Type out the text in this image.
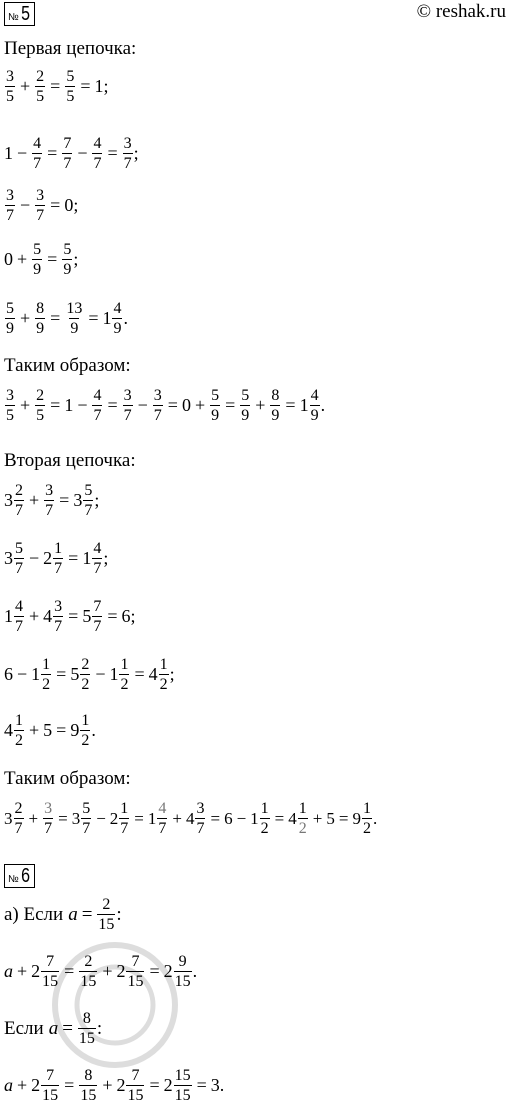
№ 5	© reshak.ru
Первая цепочка:
$\frac{3}{5} + \frac{2}{5} = \frac{5}{5} = 1$;
$1 - \frac{4}{7} = \frac{7}{7} - \frac{4}{7} = \frac{3}{7}$ ;
$\frac{3}{7} - \frac{3}{7} = 0$;
$0 + \frac{5}{9} = \frac{5}{9}$ ;
$\frac{5}{9} + \frac{8}{9} = \frac{13}{9} = 1 \frac{4}{9}$ .
Таким образом:
$\frac{3}{5} + \frac{2}{5} = 1 - \frac{4}{7} = \frac{3}{7} - \frac{3}{7} = 0 + \frac{5}{9} = \frac{5}{9} + \frac{8}{9} = 1 \frac{4}{9}$ .
Вторая цепочка:
$3 \frac{2}{7} + \frac{3}{7} = 3 \frac{5}{7}$ ;
$3 \frac{5}{7} - 2 \frac{1}{7} = 1 \frac{4}{7}$ ;
$1 \frac{4}{7} + 4 \frac{3}{7} = 5 \frac{7}{7} = 6$;
$6 - 1 \frac{1}{2} = 5 \frac{2}{2} - 1 \frac{1}{2} = 4 \frac{1}{2}$ ;
$4 \frac{1}{2} + 5 = 9 \frac{1}{2}$ .
Таким образом:
$3 \frac{2}{7} + \frac{3}{7} = 3 \frac{5}{7} - 2 \frac{1}{7} = 1 \frac{4}{7} + 4 \frac{3}{7} = 6 - 1 \frac{1}{2} = 4 \frac{1}{2} + 5 = 9 \frac{1}{2}$ .
№ 6
а) Если $a = \frac{2}{15}$ :
$a + 2 \frac{7}{15} = \frac{2}{15} + 2 \frac{7}{15} = 2 \frac{9}{15}$ .
Если $a = \frac{8}{15}$ :
$a + 2 \frac{7}{15} = \frac{8}{15} + 2 \frac{7}{15} = 2 \frac{15}{15} = 3$.
